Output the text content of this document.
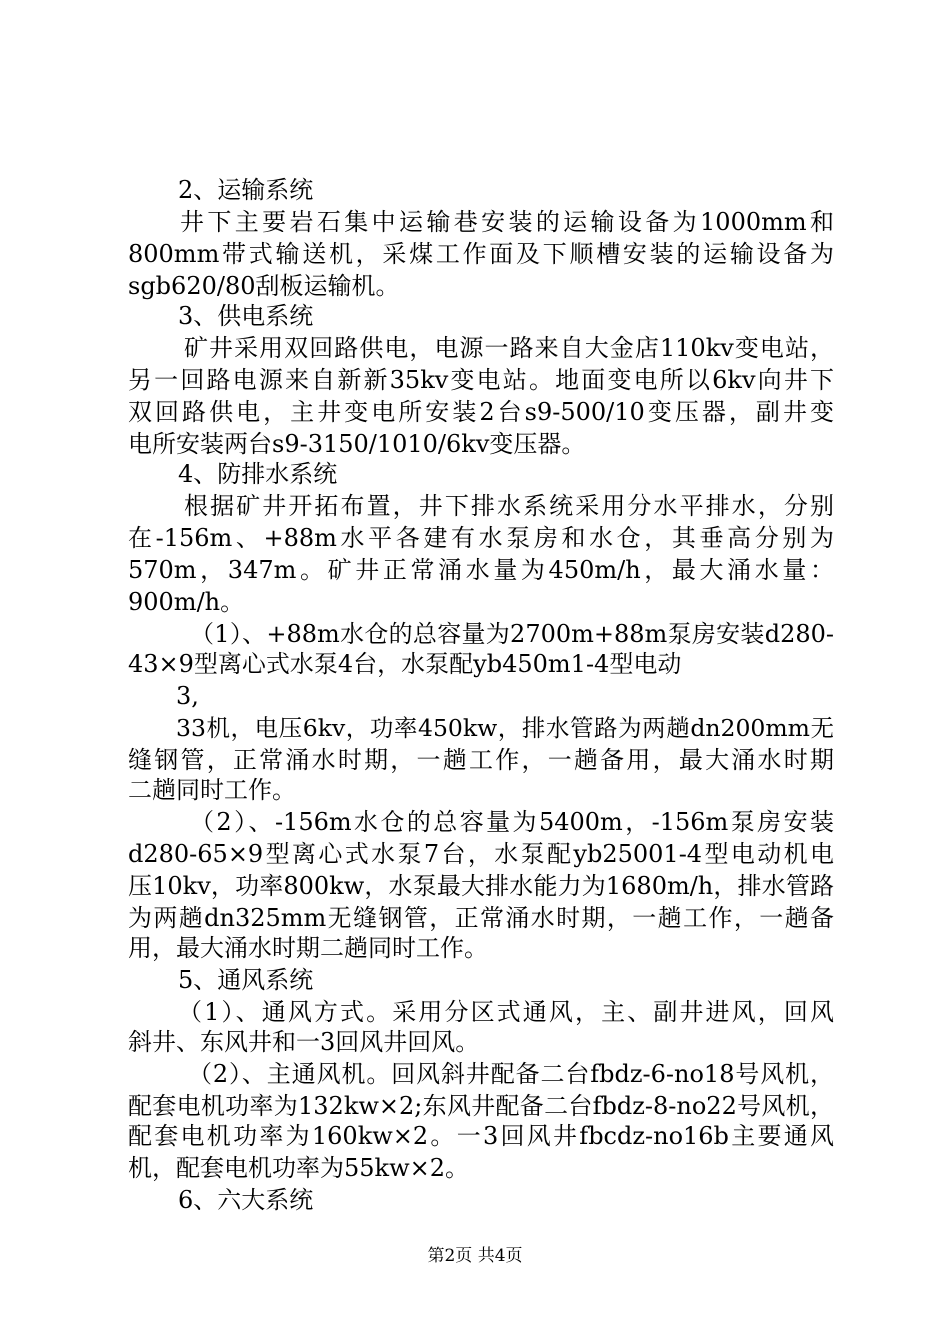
2、运输系统
井下主要岩石集中运输巷安装的运输设备为1000mm和
800mm带式输送机，采煤工作面及下顺槽安装的运输设备为
sgb620/80刮板运输机。
3、供电系统
矿井采用双回路供电，电源一路来自大金店110kv变电站，
另一回路电源来自新新35kv变电站。地面变电所以6kv向井下
双回路供电，主井变电所安装2台s9-500/10变压器，副井变
电所安装两台s9-3150/1010/6kv变压器。
4、防排水系统
根据矿井开拓布置，井下排水系统采用分水平排水，分别
在-156m、+88m水平各建有水泵房和水仓，其垂高分别为
570m，347m。矿井正常涌水量为450m/h，最大涌水量：
900m/h。
（1）、+88m水仓的总容量为2700m+88m泵房安装d280-
43×9型离心式水泵4台，水泵配yb450m1-4型电动
3,
33机，电压6kv，功率450kw，排水管路为两趟dn200mm无
缝钢管，正常涌水时期，一趟工作，一趟备用，最大涌水时期
二趟同时工作。
（2）、-156m水仓的总容量为5400m，-156m泵房安装
d280-65×9型离心式水泵7台，水泵配yb25001-4型电动机电
压10kv，功率800kw，水泵最大排水能力为1680m/h，排水管路
为两趟dn325mm无缝钢管，正常涌水时期，一趟工作，一趟备
用，最大涌水时期二趟同时工作。
5、通风系统
（1）、通风方式。采用分区式通风，主、副井进风，回风
斜井、东风井和一3回风井回风。
（2）、主通风机。回风斜井配备二台fbdz-6-no18号风机，
配套电机功率为132kw×2;东风井配备二台fbdz-8-no22号风机，
配套电机功率为160kw×2。一3回风井fbcdz-no16b主要通风
机，配套电机功率为55kw×2。
6、六大系统
第2页 共4页
